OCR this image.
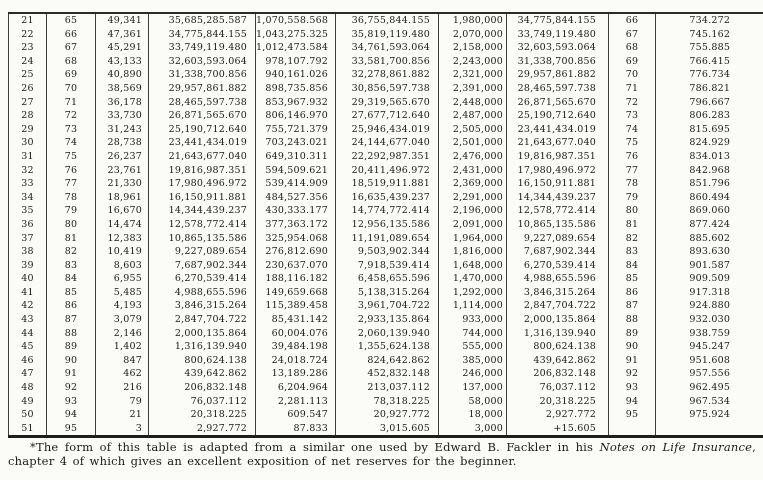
21	65	49,341	35,685,285.587	1,070,558.568	36,755,844.155	1,980,000	34,775,844.155	66	734.272
22	66	47,361	34,775,844.155	1,043,275.325	35,819,119.480	2,070,000	33,749,119.480	67	745.162
23	67	45,291	33,749,119.480	1,012,473.584	34,761,593.064	2,158,000	32,603,593.064	68	755.885
24	68	43,133	32,603,593.064	978,107.792	33,581,700.856	2,243,000	31,338,700.856	69	766.415
25	69	40,890	31,338,700.856	940,161.026	32,278,861.882	2,321,000	29,957,861.882	70	776.734
26	70	38,569	29,957,861.882	898,735.856	30,856,597.738	2,391,000	28,465,597.738	71	786.821
27	71	36,178	28,465,597.738	853,967.932	29,319,565.670	2,448,000	26,871,565.670	72	796.667
28	72	33,730	26,871,565.670	806,146.970	27,677,712.640	2,487,000	25,190,712.640	73	806.283
29	73	31,243	25,190,712.640	755,721.379	25,946,434.019	2,505,000	23,441,434.019	74	815.695
30	74	28,738	23,441,434.019	703,243.021	24,144,677.040	2,501,000	21,643,677.040	75	824.929
31	75	26,237	21,643,677.040	649,310.311	22,292,987.351	2,476,000	19,816,987.351	76	834.013
32	76	23,761	19,816,987.351	594,509.621	20,411,496.972	2,431,000	17,980,496.972	77	842.968
33	77	21,330	17,980,496.972	539,414.909	18,519,911.881	2,369,000	16,150,911.881	78	851.796
34	78	18,961	16,150,911.881	484,527.356	16,635,439.237	2,291,000	14,344,439.237	79	860.494
35	79	16,670	14,344,439.237	430,333.177	14,774,772.414	2,196,000	12,578,772.414	80	869.060
36	80	14,474	12,578,772.414	377,363.172	12,956,135.586	2,091,000	10,865,135.586	81	877.424
37	81	12,383	10,865,135.586	325,954.068	11,191,089.654	1,964,000	9,227,089.654	82	885.602
38	82	10,419	9,227,089.654	276,812.690	9,503,902.344	1,816,000	7,687,902.344	83	893.630
39	83	8,603	7,687,902.344	230,637.070	7,918,539.414	1,648,000	6,270,539.414	84	901.587
40	84	6,955	6,270,539.414	188,116.182	6,458,655.596	1,470,000	4,988,655.596	85	909.509
41	85	5,485	4,988,655.596	149,659.668	5,138,315.264	1,292,000	3,846,315.264	86	917.318
42	86	4,193	3,846,315.264	115,389.458	3,961,704.722	1,114,000	2,847,704.722	87	924.880
43	87	3,079	2,847,704.722	85,431.142	2,933,135.864	933,000	2,000,135.864	88	932.030
44	88	2,146	2,000,135.864	60,004.076	2,060,139.940	744,000	1,316,139.940	89	938.759
45	89	1,402	1,316,139.940	39,484.198	1,355,624.138	555,000	800,624.138	90	945.247
46	90	847	800,624.138	24,018.724	824,642.862	385,000	439,642.862	91	951.608
47	91	462	439,642.862	13,189.286	452,832.148	246,000	206,832.148	92	957.556
48	92	216	206,832.148	6,204.964	213,037.112	137,000	76,037.112	93	962.495
49	93	79	76,037.112	2,281.113	78,318.225	58,000	20,318.225	94	967.534
50	94	21	20,318.225	609.547	20,927.772	18,000	2,927.772	95	975.924
51	95	3	2,927.772	87.833	3,015.605	3,000	+15.605		

*The form of this table is adapted from a similar one used by Edward B. Fackler in his Notes on Life Insurance, chapter 4 of which gives an excellent exposition of net reserves for the beginner.
